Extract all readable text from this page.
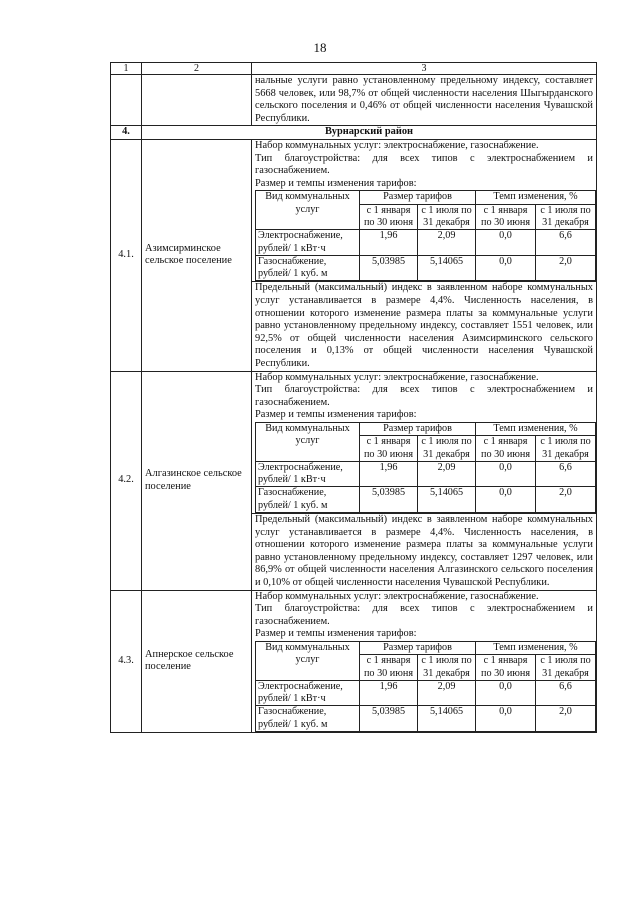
18
1	2	3
		нальные услуги равно установленному предельному индексу, составляет 5668 человек, или 98,7% от общей численности населения Шыгырданского сельского поселения и 0,46% от общей численности населения Чувашской Республики.
4.	Вурнарский район
4.1.	Азимсирминское сельское поселение	
Набор коммунальных услуг: электроснабжение, газоснабжение.
Тип благоустройства: для всех типов с электроснабжением и газоснабжением.
Размер и темпы изменения тарифов:
Вид коммунальных услуг	Размер тарифов	Темп изменения, %
с 1 января по 30 июня	с 1 июля по 31 декабря	с 1 января по 30 июня	с 1 июля по 31 декабря
Электроснабжение, рублей/ 1 кВт·ч	1,96	2,09	0,0	6,6
Газоснабжение, рублей/ 1 куб. м	5,03985	5,14065	0,0	2,0
Предельный (максимальный) индекс в заявленном наборе коммунальных услуг устанавливается в размере 4,4%. Численность населения, в отношении которого изменение размера платы за коммунальные услуги равно установленному предельному индексу, составляет 1551 человек, или 92,5% от общей численности населения Азимсирминского сельского поселения и 0,13% от общей численности населения Чувашской Республики.

4.2.	Алгазинское сельское поселение	
Набор коммунальных услуг: электроснабжение, газоснабжение.
Тип благоустройства: для всех типов с электроснабжением и газоснабжением.
Размер и темпы изменения тарифов:
Вид коммунальных услуг	Размер тарифов	Темп изменения, %
с 1 января по 30 июня	с 1 июля по 31 декабря	с 1 января по 30 июня	с 1 июля по 31 декабря
Электроснабжение, рублей/ 1 кВт·ч	1,96	2,09	0,0	6,6
Газоснабжение, рублей/ 1 куб. м	5,03985	5,14065	0,0	2,0
Предельный (максимальный) индекс в заявленном наборе коммунальных услуг устанавливается в размере 4,4%. Численность населения, в отношении которого изменение размера платы за коммунальные услуги равно установленному предельному индексу, составляет 1297 человек, или 86,9% от общей численности населения Алгазинского сельского поселения и 0,10% от общей численности населения Чувашской Республики.

4.3.	Апнерское сельское поселение	
Набор коммунальных услуг: электроснабжение, газоснабжение.
Тип благоустройства: для всех типов с электроснабжением и газоснабжением.
Размер и темпы изменения тарифов:
Вид коммунальных услуг	Размер тарифов	Темп изменения, %
с 1 января по 30 июня	с 1 июля по 31 декабря	с 1 января по 30 июня	с 1 июля по 31 декабря
Электроснабжение, рублей/ 1 кВт·ч	1,96	2,09	0,0	6,6
Газоснабжение, рублей/ 1 куб. м	5,03985	5,14065	0,0	2,0
